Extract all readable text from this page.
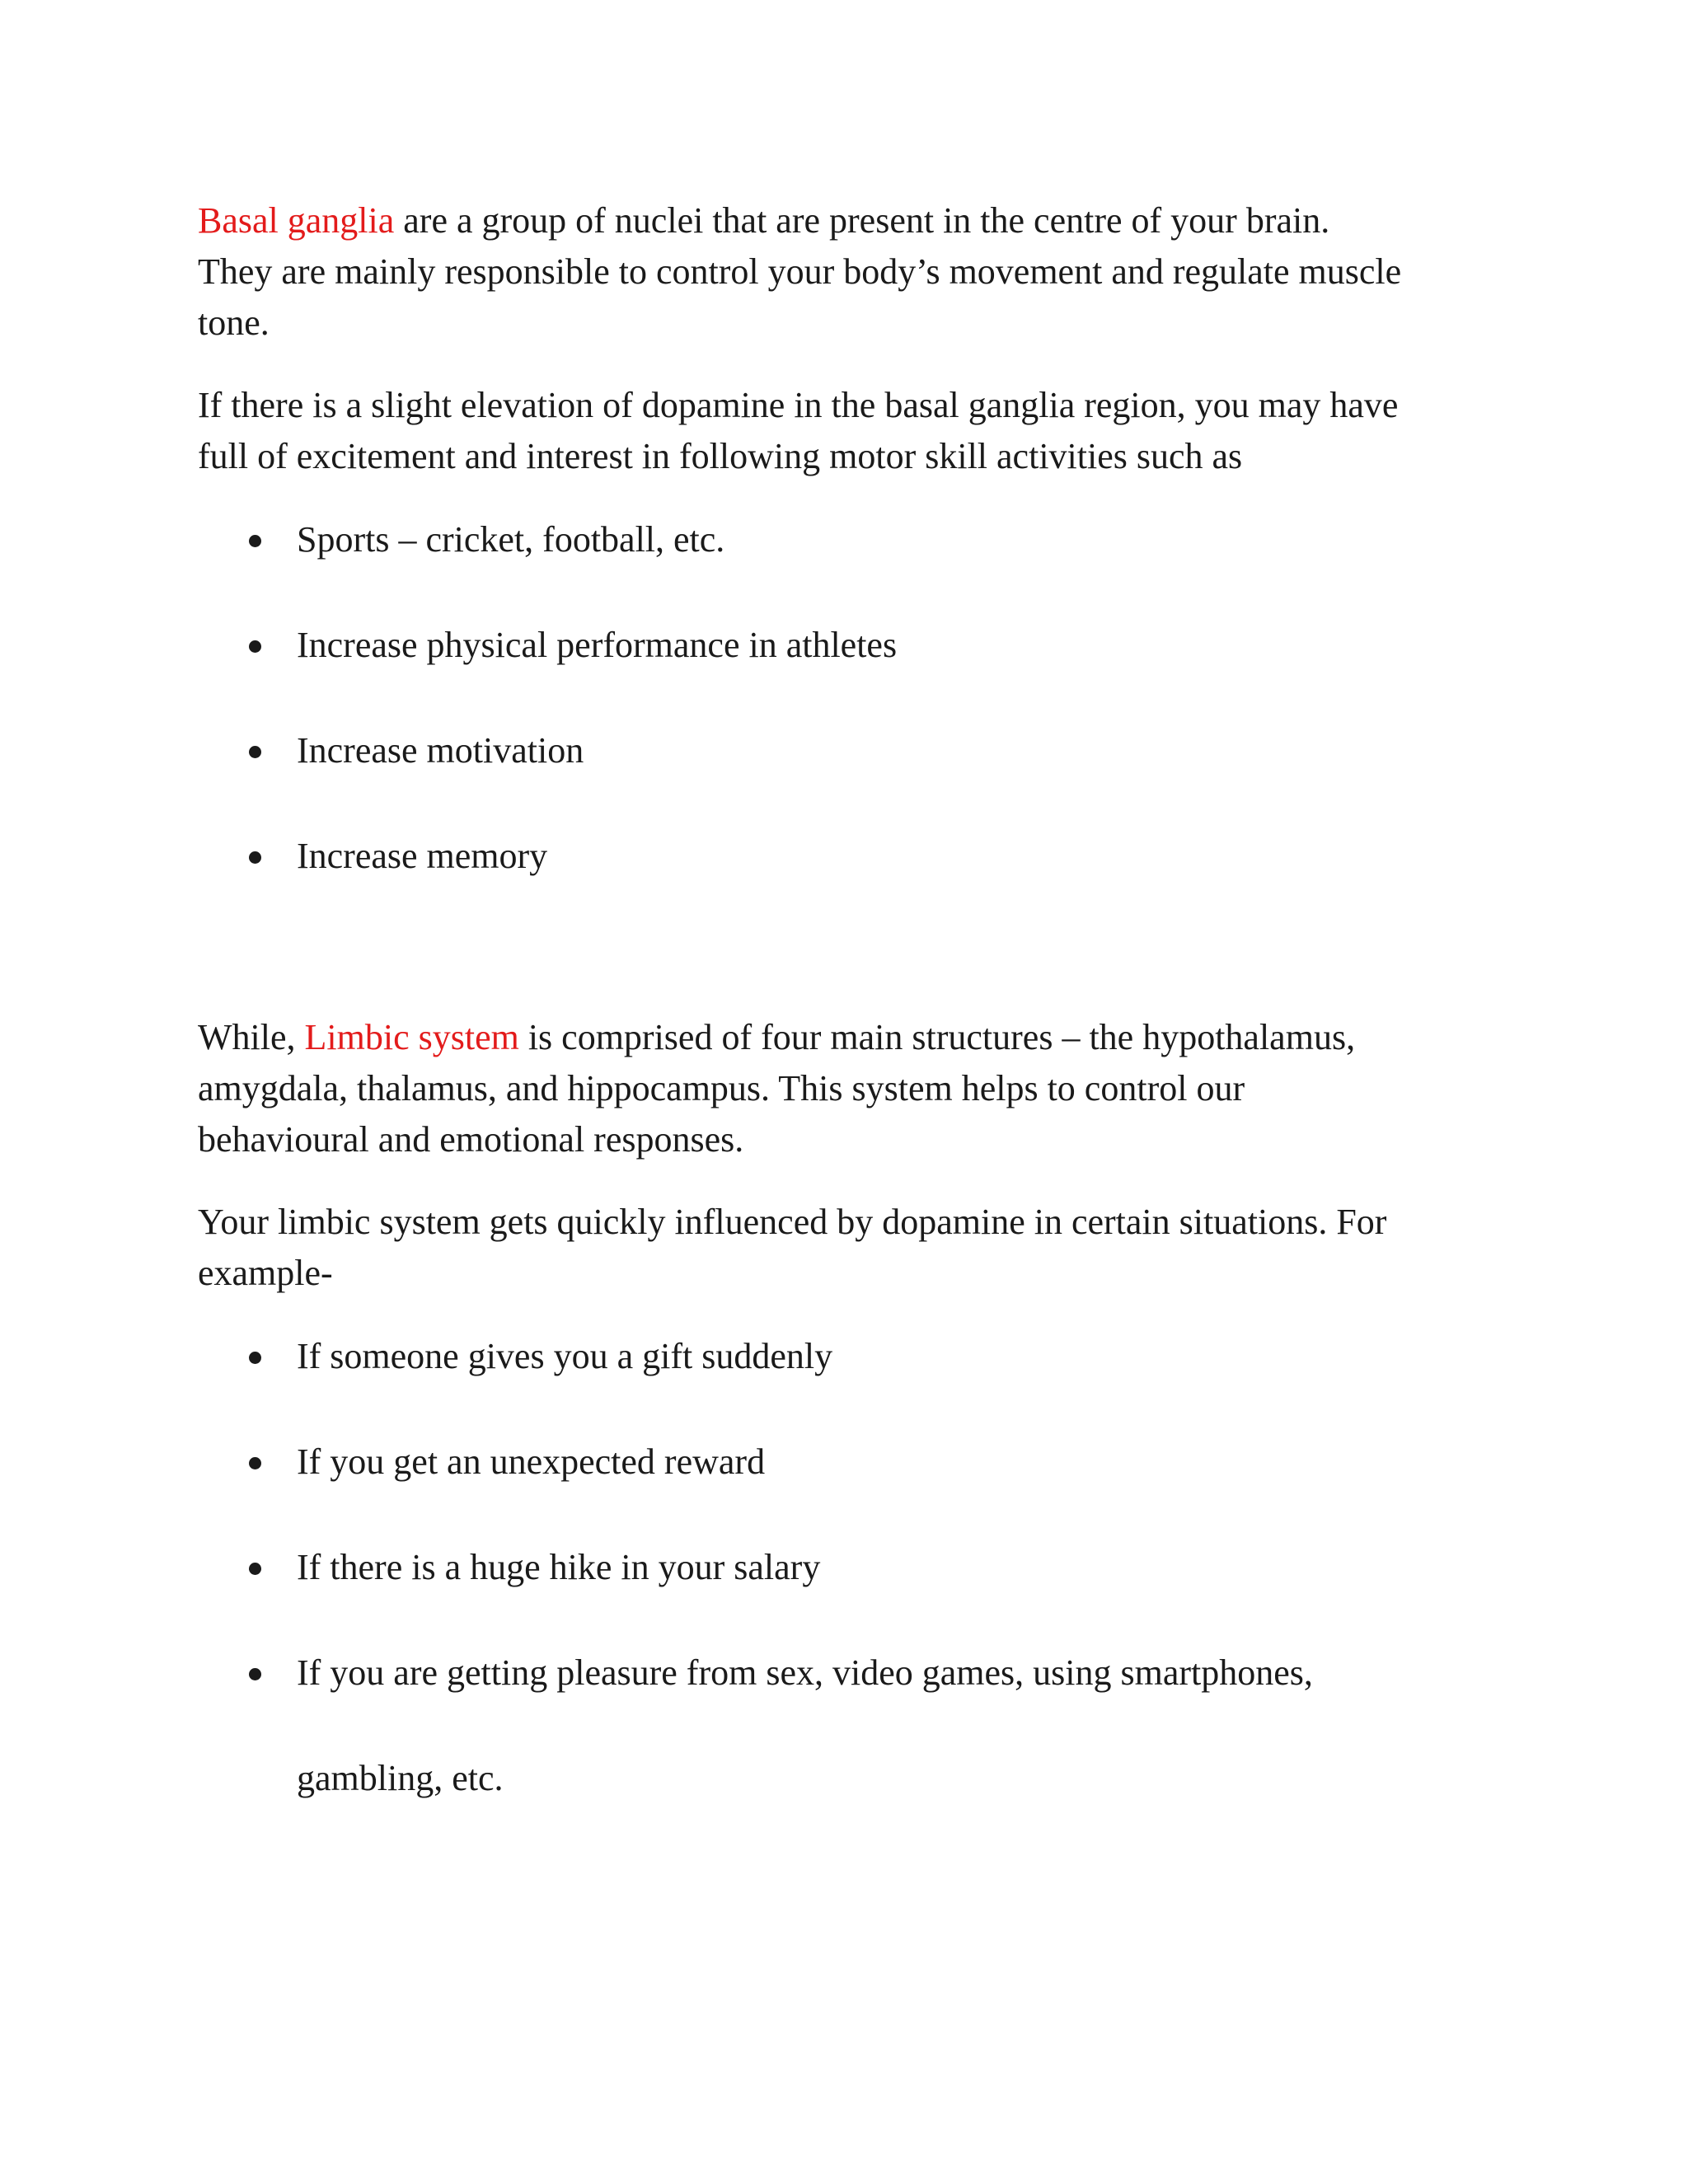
Basal ganglia are a group of nuclei that are present in the centre of your brain.
They are mainly responsible to control your body’s movement and regulate muscle
tone.

If there is a slight elevation of dopamine in the basal ganglia region, you may have
full of excitement and interest in following motor skill activities such as

Sports – cricket, football, etc.
Increase physical performance in athletes
Increase motivation
Increase memory

While, Limbic system is comprised of four main structures – the hypothalamus,
amygdala, thalamus, and hippocampus. This system helps to control our
behavioural and emotional responses.

Your limbic system gets quickly influenced by dopamine in certain situations. For
example-

If someone gives you a gift suddenly
If you get an unexpected reward
If there is a huge hike in your salary
If you are getting pleasure from sex, video games, using smartphones,
gambling, etc.
